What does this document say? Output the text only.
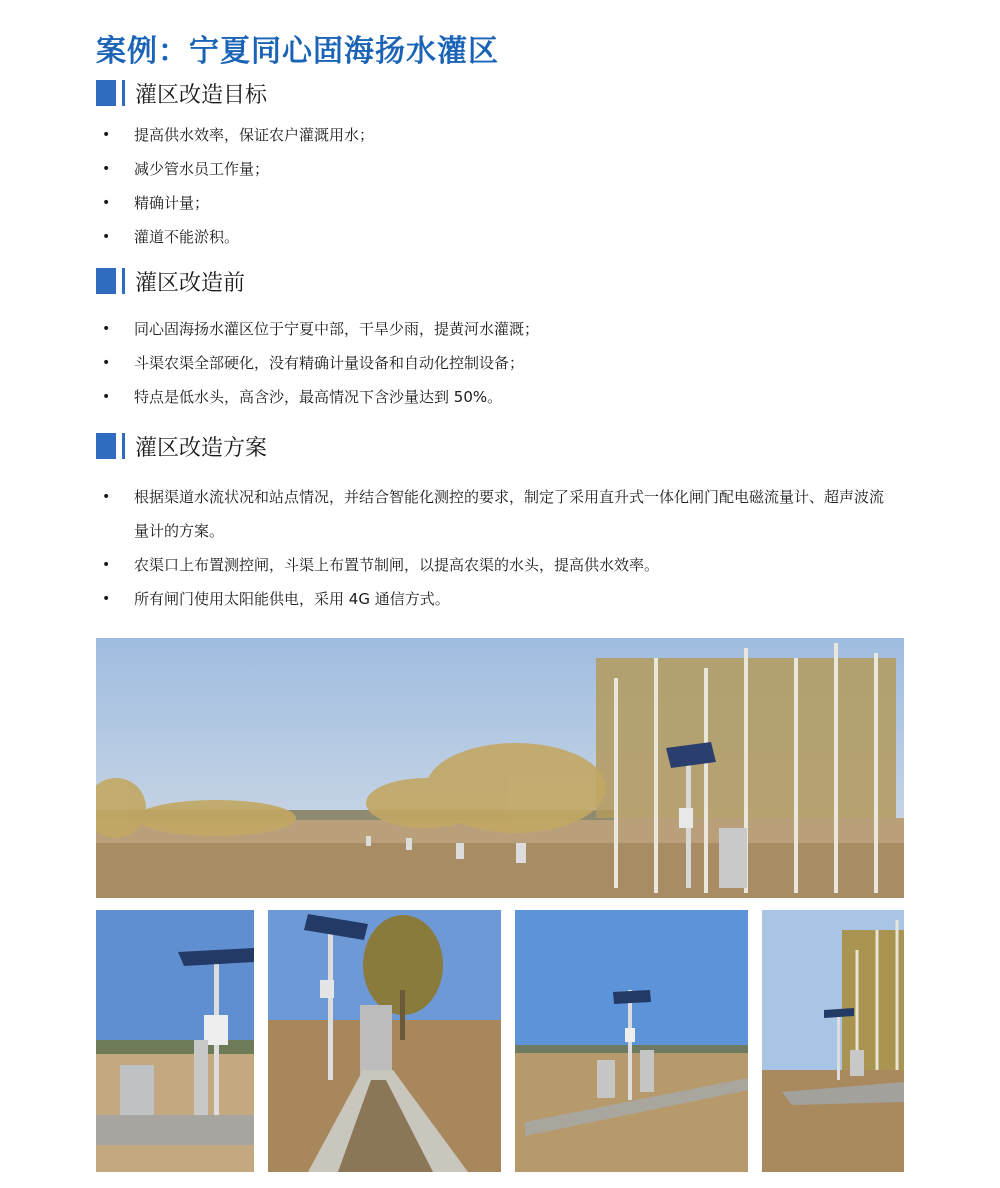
案例：宁夏同心固海扬水灌区
灌区改造目标
• 提高供水效率，保证农户灌溉用水；
• 减少管水员工作量；
• 精确计量；
• 灌道不能淤积。
灌区改造前
• 同心固海扬水灌区位于宁夏中部，干旱少雨，提黄河水灌溉；
• 斗渠农渠全部硬化，没有精确计量设备和自动化控制设备；
• 特点是低水头，高含沙，最高情况下含沙量达到 50%。
灌区改造方案
• 根据渠道水流状况和站点情况，并结合智能化测控的要求，制定了采用直升式一体化闸门配电磁流量计、超声波流量计的方案。
• 农渠口上布置测控闸，斗渠上布置节制闸，以提高农渠的水头，提高供水效率。
• 所有闸门使用太阳能供电，采用 4G 通信方式。
